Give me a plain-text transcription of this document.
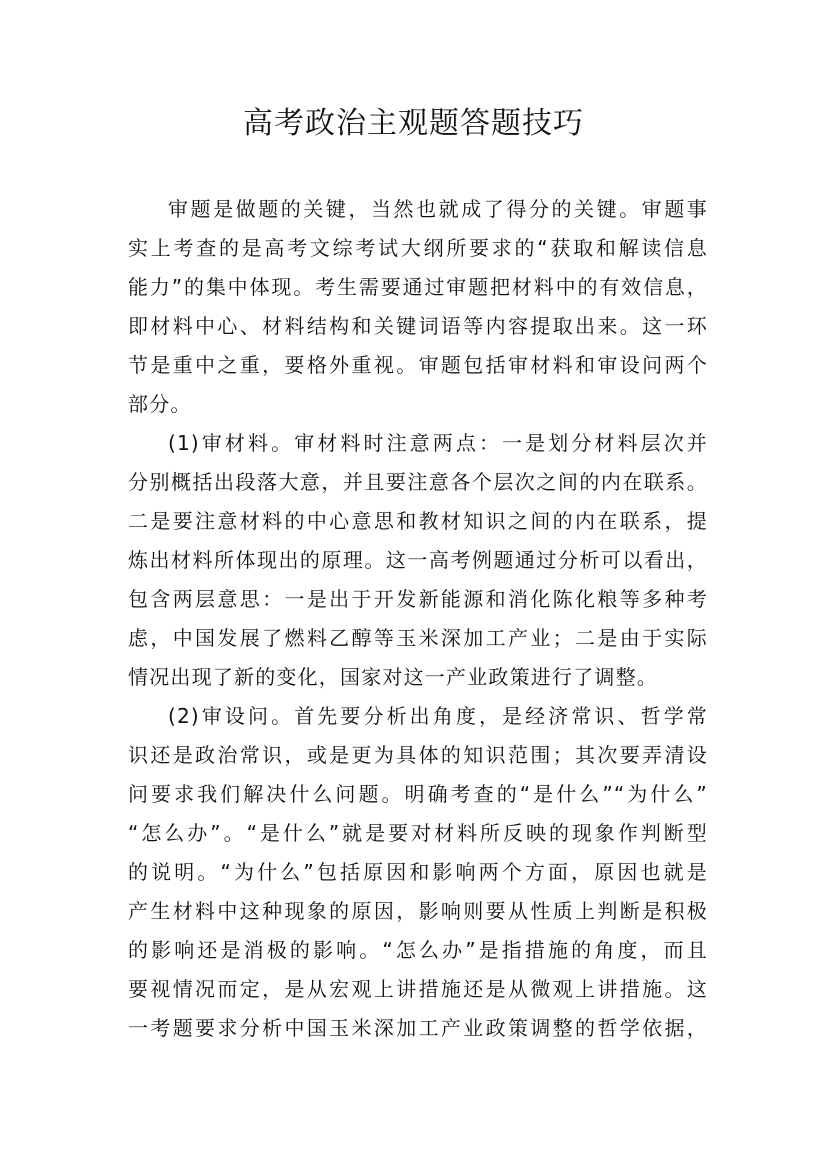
高考政治主观题答题技巧
审题是做题的关键，当然也就成了得分的关键。审题事
实上考查的是高考文综考试大纲所要求的“获取和解读信息
能力”的集中体现。考生需要通过审题把材料中的有效信息，
即材料中心、材料结构和关键词语等内容提取出来。这一环
节是重中之重，要格外重视。审题包括审材料和审设问两个
部分。
(1)审材料。审材料时注意两点：一是划分材料层次并
分别概括出段落大意，并且要注意各个层次之间的内在联系。
二是要注意材料的中心意思和教材知识之间的内在联系，提
炼出材料所体现出的原理。这一高考例题通过分析可以看出，
包含两层意思：一是出于开发新能源和消化陈化粮等多种考
虑，中国发展了燃料乙醇等玉米深加工产业；二是由于实际
情况出现了新的变化，国家对这一产业政策进行了调整。
(2)审设问。首先要分析出角度，是经济常识、哲学常
识还是政治常识，或是更为具体的知识范围；其次要弄清设
问要求我们解决什么问题。明确考查的“是什么”“为什么”
“怎么办”。“是什么”就是要对材料所反映的现象作判断型
的说明。“为什么”包括原因和影响两个方面，原因也就是
产生材料中这种现象的原因，影响则要从性质上判断是积极
的影响还是消极的影响。“怎么办”是指措施的角度，而且
要视情况而定，是从宏观上讲措施还是从微观上讲措施。这
一考题要求分析中国玉米深加工产业政策调整的哲学依据，
